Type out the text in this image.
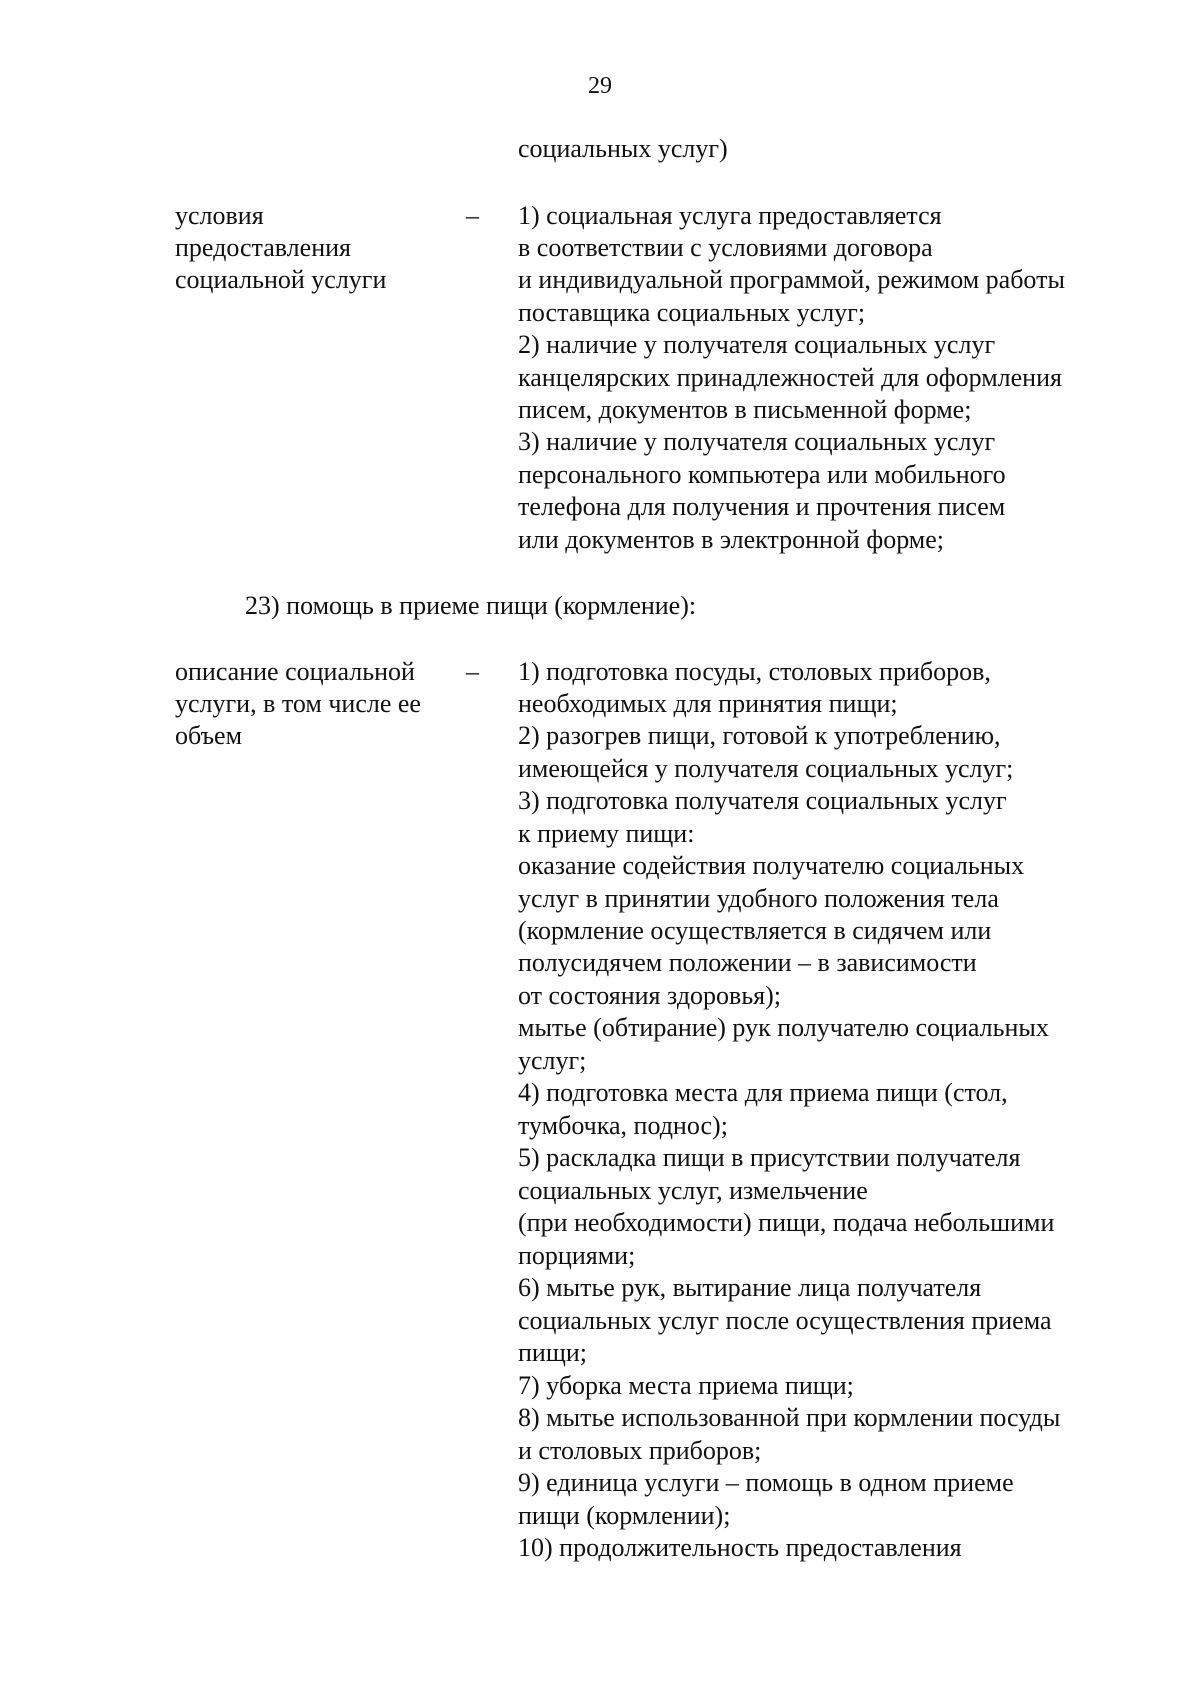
29
социальных услуг)
условия
предоставления
социальной услуги
– 1) социальная услуга предоставляется
в соответствии с условиями договора
и индивидуальной программой, режимом работы
поставщика социальных услуг;
2) наличие у получателя социальных услуг
канцелярских принадлежностей для оформления
писем, документов в письменной форме;
3) наличие у получателя социальных услуг
персонального компьютера или мобильного
телефона для получения и прочтения писем
или документов в электронной форме;
23) помощь в приеме пищи (кормление):
описание социальной
услуги, в том числе ее
объем
– 1) подготовка посуды, столовых приборов,
необходимых для принятия пищи;
2) разогрев пищи, готовой к употреблению,
имеющейся у получателя социальных услуг;
3) подготовка получателя социальных услуг
к приему пищи:
оказание содействия получателю социальных
услуг в принятии удобного положения тела
(кормление осуществляется в сидячем или
полусидячем положении – в зависимости
от состояния здоровья);
мытье (обтирание) рук получателю социальных
услуг;
4) подготовка места для приема пищи (стол,
тумбочка, поднос);
5) раскладка пищи в присутствии получателя
социальных услуг, измельчение
(при необходимости) пищи, подача небольшими
порциями;
6) мытье рук, вытирание лица получателя
социальных услуг после осуществления приема
пищи;
7) уборка места приема пищи;
8) мытье использованной при кормлении посуды
и столовых приборов;
9) единица услуги – помощь в одном приеме
пищи (кормлении);
10) продолжительность предоставления
